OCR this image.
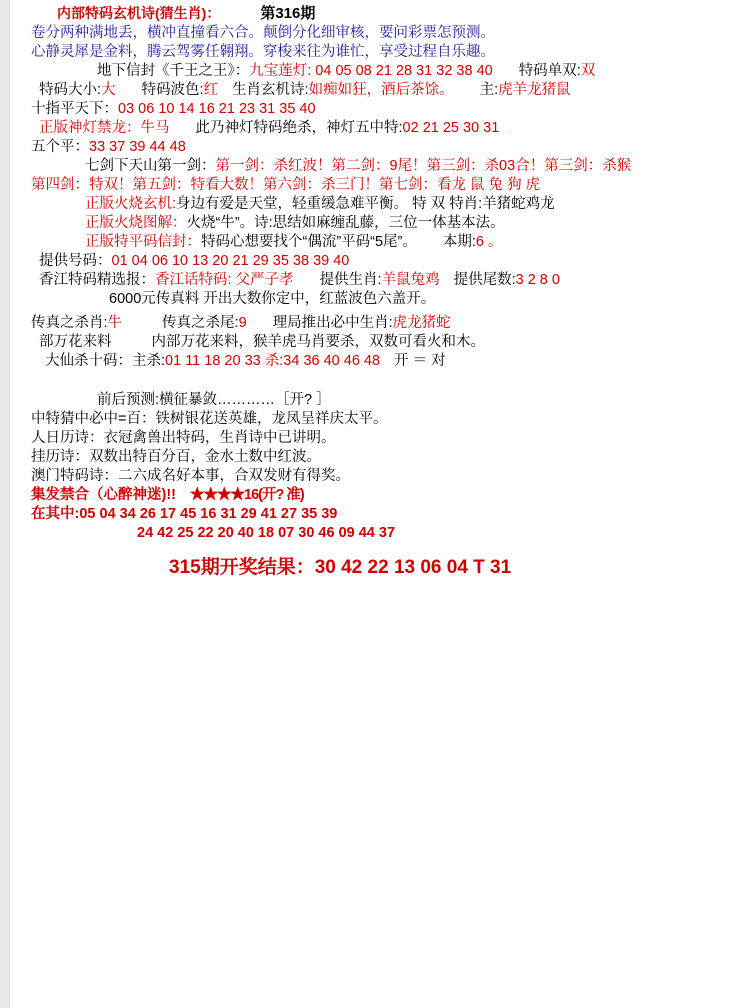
内部特码玄机诗(猜生肖)：	第316期
卷分两种满地丢，横冲直撞看六合。颠倒分化细审核，要问彩票怎预测。
心静灵犀是金料，腾云驾雾任翱翔。穿梭来往为谁忙，享受过程自乐趣。
地下信封《千王之王》：九宝莲灯: 04 05 08 21 28 31 32 38 40 特码单双:双
特码大小:大 特码波色:红 生肖玄机诗:如痴如狂，酒后茶馀。 主:虎羊龙猪鼠
十指平天下：03 06 10 14 16 21 23 31 35 40
正版神灯禁龙：牛马 此乃神灯特码绝杀，神灯五中特:02 21 25 30 31
五个平：33 37 39 44 48
七剑下天山第一剑：第一剑：杀红波！第二剑：9尾！第三剑：杀03合！第三剑：杀猴
第四剑：特双！第五剑：特看大数！第六剑：杀三门！第七剑：看龙 鼠 兔 狗 虎
正版火烧玄机:身边有爱是天堂，轻重缓急难平衡。 特 双 特肖:羊猪蛇鸡龙
正版火烧图解：火烧“牛”。诗:思结如麻缠乱藤，三位一体基本法。
正版特平码信封：特码心想要找个“偶流”平码“5尾”。 本期:6 。
提供号码：01 04 06 10 13 20 21 29 35 38 39 40
香江特码精选报：香江话特码: 父严子孝 提供生肖:羊鼠兔鸡 提供尾数:3 2 8 0
6000元传真料 开出大数你定中，红蓝波色六盖开。
传真之杀肖:牛	传真之杀尾:9 理局推出必中生肖:虎龙猪蛇
部万花来料	内部万花来料，猴羊虎马肖要杀，双数可看火和木。
大仙杀十码：主杀:01 11 18 20 33 杀:34 36 40 46 48 开 ＝ 对
前后预测:横征暴敛…………［开? ］
中特猜中必中=百：铁树银花送英雄，龙凤呈祥庆太平。
人日历诗：衣冠禽兽出特码，生肖诗中已讲明。
挂历诗：双数出特百分百，金水土数中红波。
澳门特码诗：二六成名好本事，合双发财有得奖。
集发禁合（心醉神迷)!! ★★★★16(开? 准)
在其中:05 04 34 26 17 45 16 31 29 41 27 35 39
24 42 25 22 20 40 18 07 30 46 09 44 37
315期开奖结果：30 42 22 13 06 04 T 31
